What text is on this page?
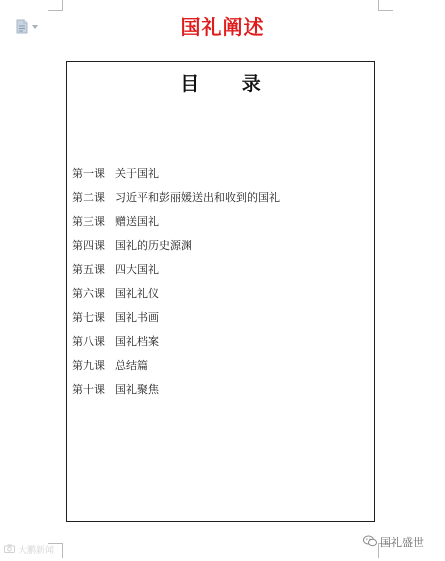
国礼阐述
目 录
第一课 关于国礼
第二课 习近平和彭丽媛送出和收到的国礼
第三课 赠送国礼
第四课 国礼的历史源渊
第五课 四大国礼
第六课 国礼礼仪
第七课 国礼书画
第八课 国礼档案
第九课 总结篇
第十课 国礼聚焦
大鹏新闻
国礼盛世
